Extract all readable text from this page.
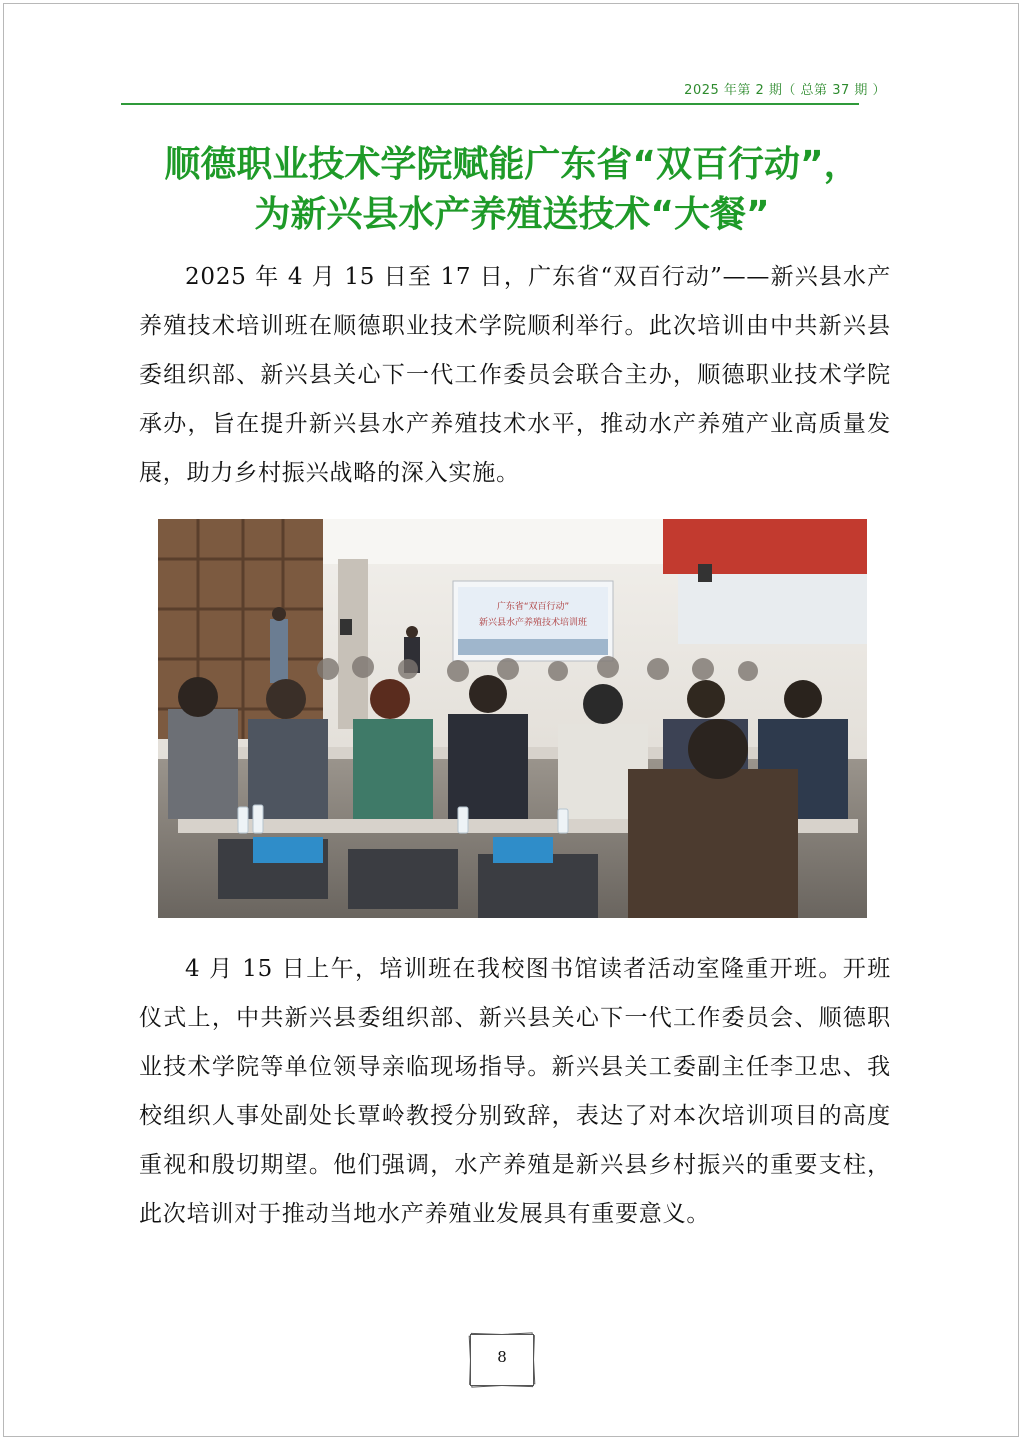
2025 年第 2 期（ 总第 37 期 ）
顺德职业技术学院赋能广东省“双百行动”，
为新兴县水产养殖送技术“大餐”

2025 年 4 月 15 日至 17 日，广东省“双百行动”——新兴县水产养殖技术培训班在顺德职业技术学院顺利举行。此次培训由中共新兴县委组织部、新兴县关心下一代工作委员会联合主办，顺德职业技术学院承办，旨在提升新兴县水产养殖技术水平，推动水产养殖产业高质量发展，助力乡村振兴战略的深入实施。

广东省“双百行动”
新兴县水产养殖技术培训班

4 月 15 日上午，培训班在我校图书馆读者活动室隆重开班。开班仪式上，中共新兴县委组织部、新兴县关心下一代工作委员会、顺德职业技术学院等单位领导亲临现场指导。新兴县关工委副主任李卫忠、我校组织人事处副处长覃岭教授分别致辞，表达了对本次培训项目的高度重视和殷切期望。他们强调，水产养殖是新兴县乡村振兴的重要支柱，此次培训对于推动当地水产养殖业发展具有重要意义。

8
